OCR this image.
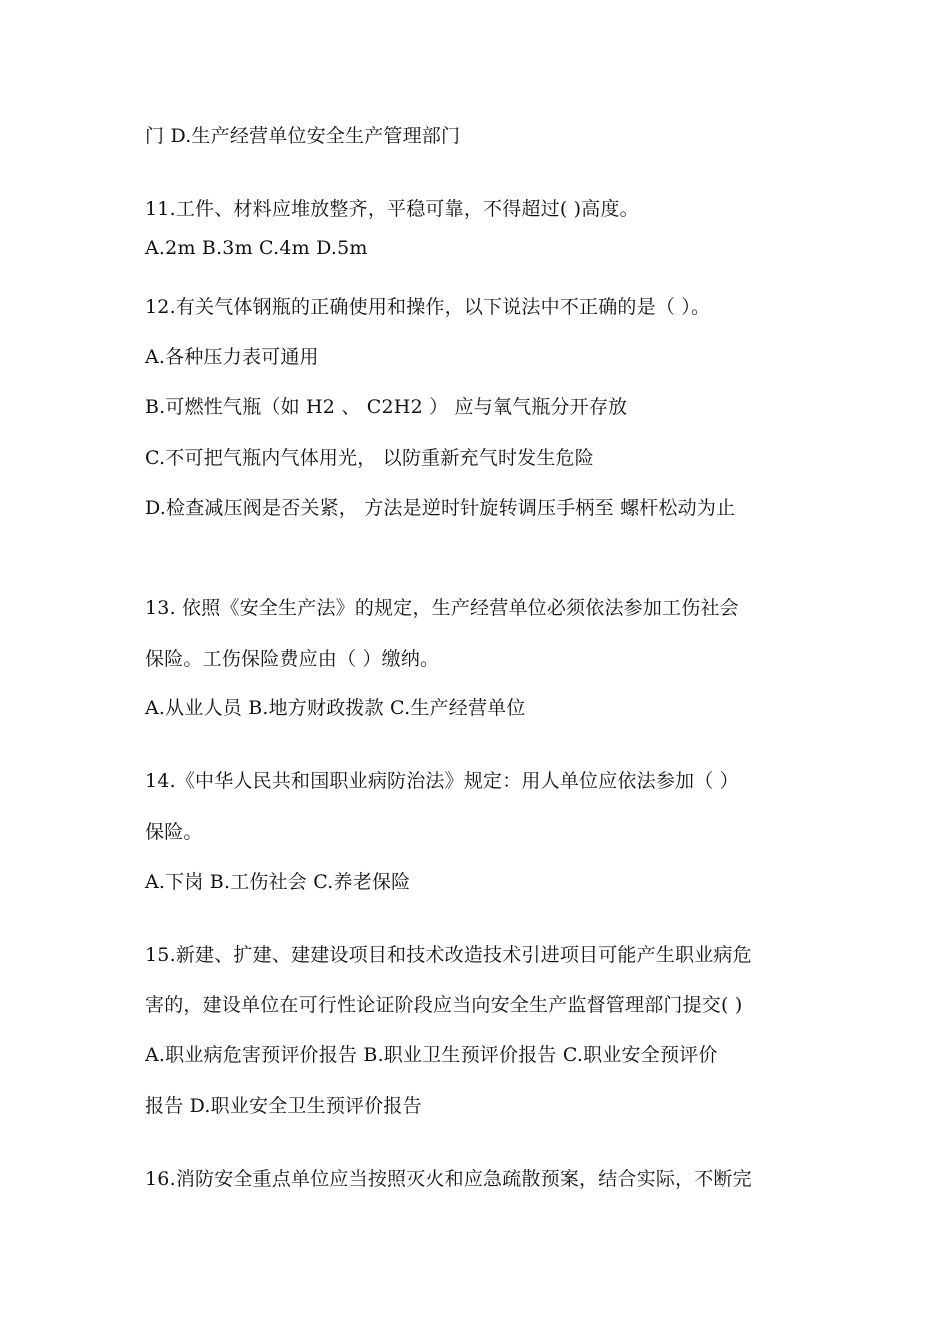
门 D.生产经营单位安全生产管理部门
11.工件、材料应堆放整齐，平稳可靠，不得超过( )高度。
A.2m B.3m C.4m D.5m
12.有关气体钢瓶的正确使用和操作，以下说法中不正确的是（ ）。
A.各种压力表可通用
B.可燃性气瓶（如 H2 、 C2H2 ） 应与氧气瓶分开存放
C.不可把气瓶内气体用光， 以防重新充气时发生危险
D.检查减压阀是否关紧， 方法是逆时针旋转调压手柄至 螺杆松动为止
13. 依照《安全生产法》的规定，生产经营单位必须依法参加工伤社会
保险。工伤保险费应由（ ）缴纳。
A.从业人员 B.地方财政拨款 C.生产经营单位
14.《中华人民共和国职业病防治法》规定：用人单位应依法参加（ ）
保险。
A.下岗 B.工伤社会 C.养老保险
15.新建、扩建、建建设项目和技术改造技术引进项目可能产生职业病危
害的，建设单位在可行性论证阶段应当向安全生产监督管理部门提交( )
A.职业病危害预评价报告 B.职业卫生预评价报告 C.职业安全预评价
报告 D.职业安全卫生预评价报告
16.消防安全重点单位应当按照灭火和应急疏散预案，结合实际，不断完
